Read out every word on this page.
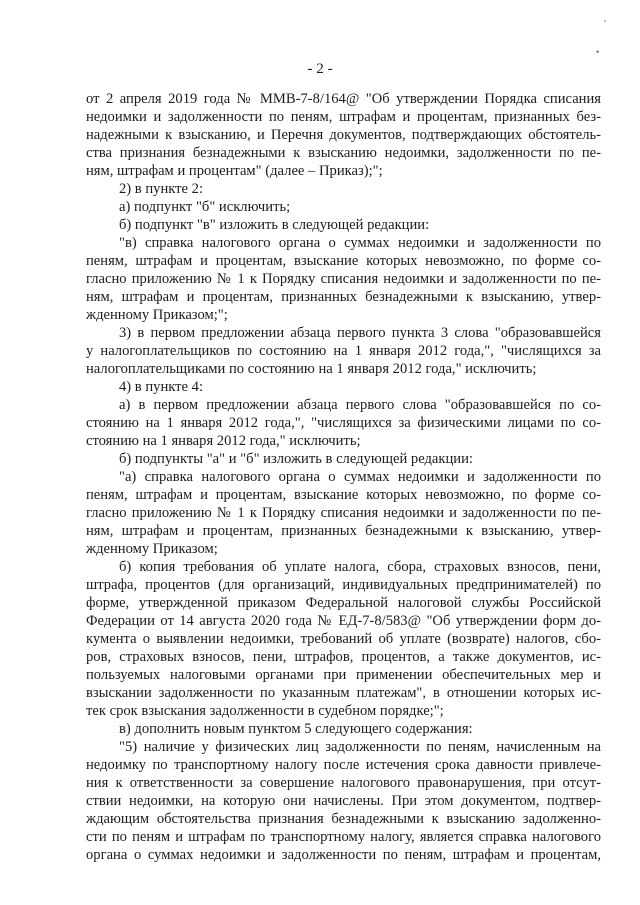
,
•
- 2 -
от 2 апреля 2019 года № ММВ-7-8/164@ "Об утверждении Порядка списания
недоимки и задолженности по пеням, штрафам и процентам, признанных без-
надежными к взысканию, и Перечня документов, подтверждающих обстоятель-
ства признания безнадежными к взысканию недоимки, задолженности по пе-
ням, штрафам и процентам" (далее – Приказ);";
2) в пункте 2:
а) подпункт "б" исключить;
б) подпункт "в" изложить в следующей редакции:
"в) справка налогового органа о суммах недоимки и задолженности по
пеням, штрафам и процентам, взыскание которых невозможно, по форме со-
гласно приложению № 1 к Порядку списания недоимки и задолженности по пе-
ням, штрафам и процентам, признанных безнадежными к взысканию, утвер-
жденному Приказом;";
3) в первом предложении абзаца первого пункта 3 слова "образовавшейся
у налогоплательщиков по состоянию на 1 января 2012 года,", "числящихся за
налогоплательщиками по состоянию на 1 января 2012 года," исключить;
4) в пункте 4:
а) в первом предложении абзаца первого слова "образовавшейся по со-
стоянию на 1 января 2012 года,", "числящихся за физическими лицами по со-
стоянию на 1 января 2012 года," исключить;
б) подпункты "а" и "б" изложить в следующей редакции:
"а) справка налогового органа о суммах недоимки и задолженности по
пеням, штрафам и процентам, взыскание которых невозможно, по форме со-
гласно приложению № 1 к Порядку списания недоимки и задолженности по пе-
ням, штрафам и процентам, признанных безнадежными к взысканию, утвер-
жденному Приказом;
б) копия требования об уплате налога, сбора, страховых взносов, пени,
штрафа, процентов (для организаций, индивидуальных предпринимателей) по
форме, утвержденной приказом Федеральной налоговой службы Российской
Федерации от 14 августа 2020 года № ЕД-7-8/583@ "Об утверждении форм до-
кумента о выявлении недоимки, требований об уплате (возврате) налогов, сбо-
ров, страховых взносов, пени, штрафов, процентов, а также документов, ис-
пользуемых налоговыми органами при применении обеспечительных мер и
взыскании задолженности по указанным платежам", в отношении которых ис-
тек срок взыскания задолженности в судебном порядке;";
в) дополнить новым пунктом 5 следующего содержания:
"5) наличие у физических лиц задолженности по пеням, начисленным на
недоимку по транспортному налогу после истечения срока давности привлече-
ния к ответственности за совершение налогового правонарушения, при отсут-
ствии недоимки, на которую они начислены. При этом документом, подтвер-
ждающим обстоятельства признания безнадежными к взысканию задолженно-
сти по пеням и штрафам по транспортному налогу, является справка налогового
органа о суммах недоимки и задолженности по пеням, штрафам и процентам,
